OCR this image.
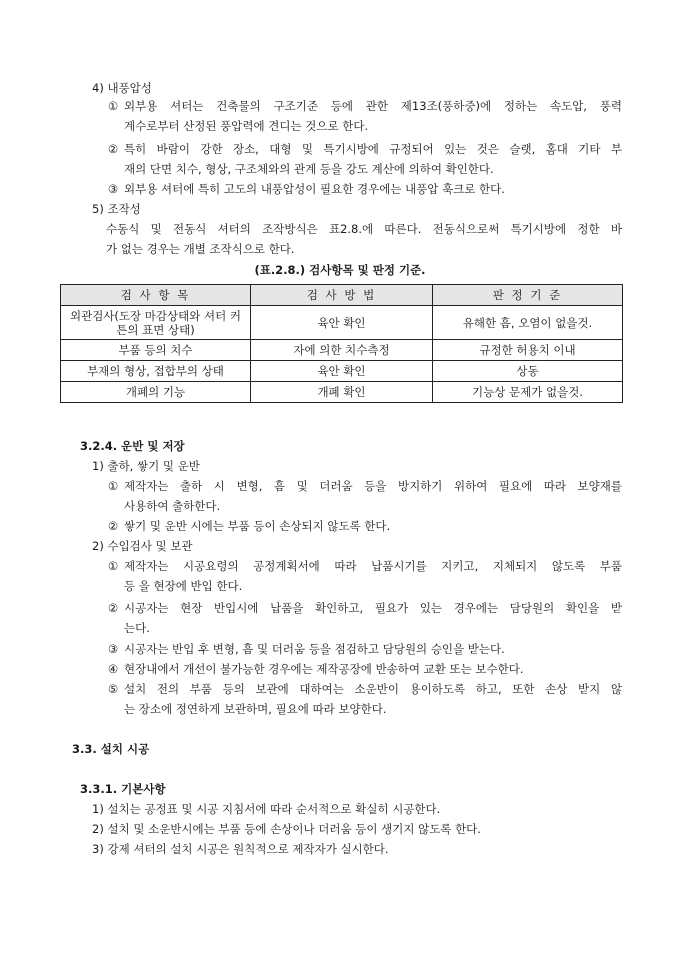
4) 내풍압성
① 외부용 셔터는 건축물의 구조기준 등에 관한 제13조(풍하중)에 정하는 속도압, 풍력
계수로부터 산정된 풍압력에 견디는 것으로 한다.
② 특히 바람이 강한 장소, 대형 및 특기시방에 규정되어 있는 것은 슬랫, 홈대 기타 부
재의 단면 치수, 형상, 구조체와의 관계 등을 강도 계산에 의하여 확인한다.
③ 외부용 셔터에 특히 고도의 내풍압성이 필요한 경우에는 내풍압 훅크로 한다.
5) 조작성
수동식 및 전동식 셔터의 조작방식은 표2.8.에 따른다. 전동식으로써 특기시방에 정한 바
가 없는 경우는 개별 조작식으로 한다.
(표.2.8.) 검사항목 및 판정 기준.
검 사 항 목	검 사 방 법	판 정 기 준
외관검사(도장 마감상태와 셔터 커튼의 표면 상태)	육안 확인	유해한 흠, 오염이 없을것.
부품 등의 치수	자에 의한 치수측정	규정한 허용치 이내
부재의 형상, 접합부의 상태	육안 확인	상동
개폐의 기능	개폐 확인	기능상 문제가 없을것.
3.2.4. 운반 및 저장
1) 출하, 쌓기 및 운반
① 제작자는 출하 시 변형, 흠 및 더러움 등을 방지하기 위하여 필요에 따라 보양재를
사용하여 출하한다.
② 쌓기 및 운반 시에는 부품 등이 손상되지 않도록 한다.
2) 수입검사 및 보관
① 제작자는 시공요령의 공정계획서에 따라 납품시기를 지키고, 지체되지 않도록 부품
등 을 현장에 반입 한다.
② 시공자는 현장 반입시에 납품을 확인하고, 필요가 있는 경우에는 담당원의 확인을 받
는다.
③ 시공자는 반입 후 변형, 흠 및 더러움 등을 점검하고 담당원의 승인을 받는다.
④ 현장내에서 개선이 불가능한 경우에는 제작공장에 반송하여 교환 또는 보수한다.
⑤ 설치 전의 부품 등의 보관에 대하여는 소운반이 용이하도록 하고, 또한 손상 받지 않
는 장소에 정연하게 보관하며, 필요에 따라 보양한다.
3.3. 설치 시공
3.3.1. 기본사항
1) 설치는 공정표 및 시공 지침서에 따라 순서적으로 확실히 시공한다.
2) 설치 및 소운반시에는 부품 등에 손상이나 더러움 등이 생기지 않도록 한다.
3) 강제 셔터의 설치 시공은 원칙적으로 제작자가 실시한다.
